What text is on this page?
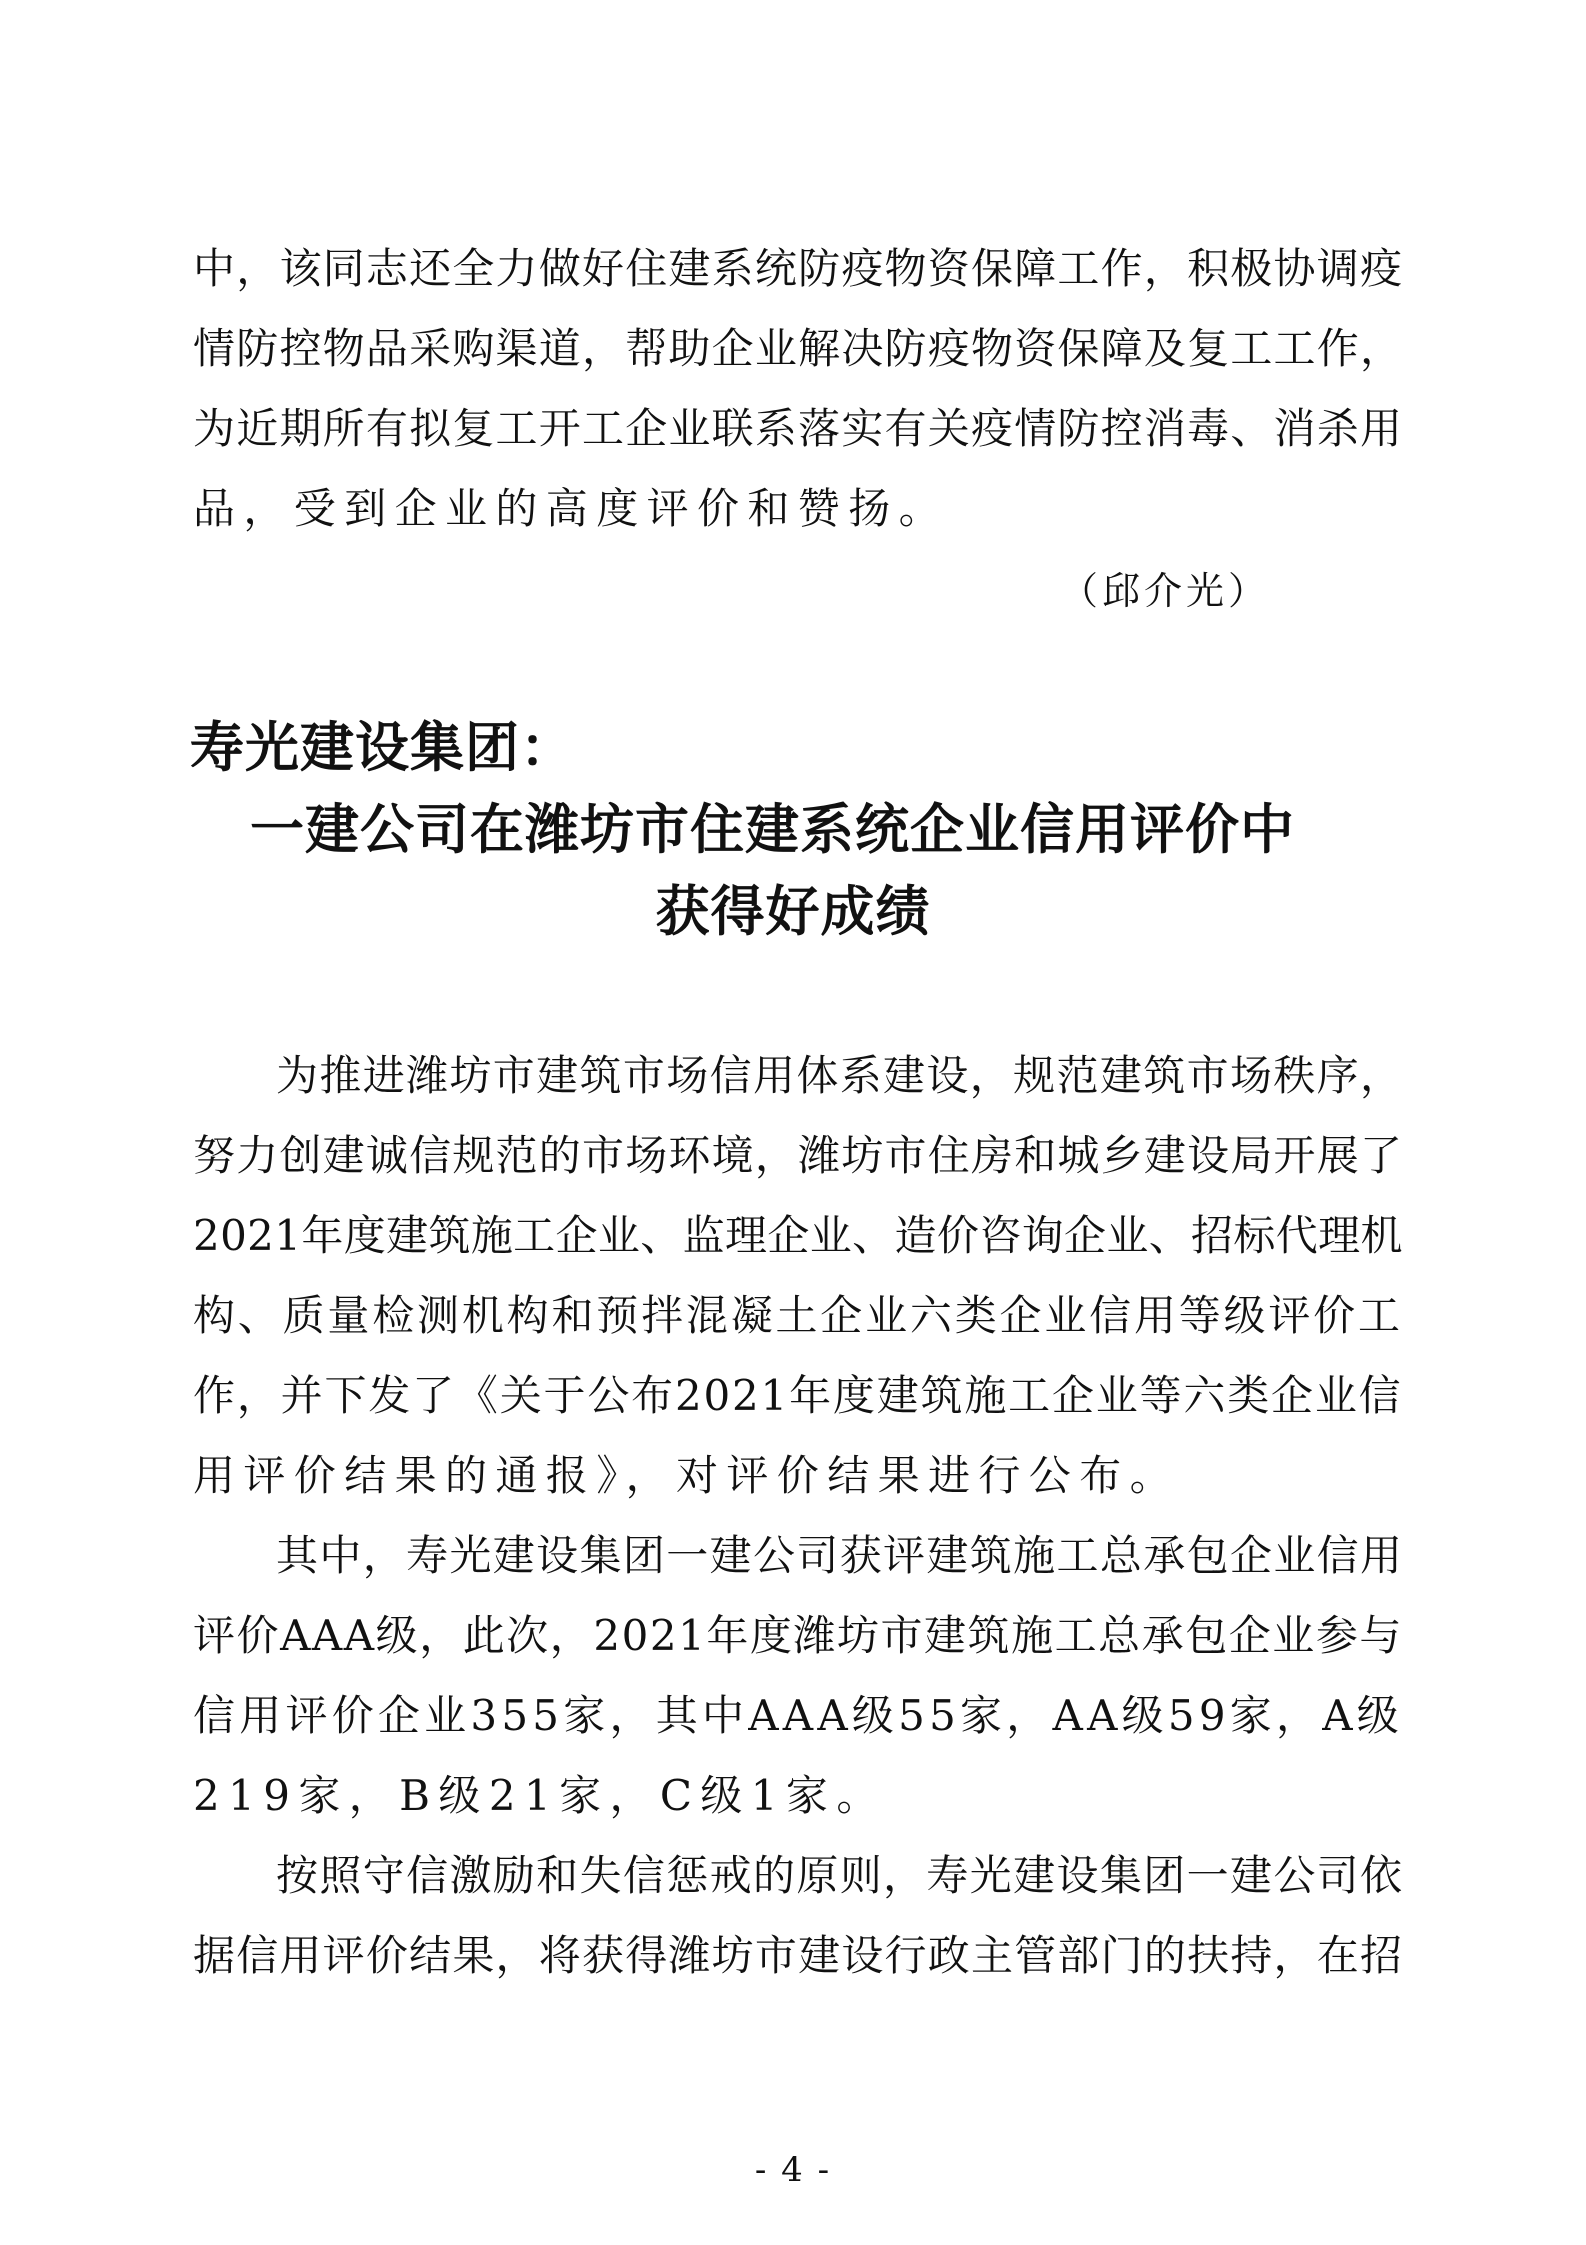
中，该同志还全力做好住建系统防疫物资保障工作，积极协调疫
情防控物品采购渠道，帮助企业解决防疫物资保障及复工工作，
为近期所有拟复工开工企业联系落实有关疫情防控消毒、消杀用
品，受到企业的高度评价和赞扬。
（邱介光）
寿光建设集团：
一建公司在潍坊市住建系统企业信用评价中
获得好成绩
为推进潍坊市建筑市场信用体系建设，规范建筑市场秩序，
努力创建诚信规范的市场环境，潍坊市住房和城乡建设局开展了
2021年度建筑施工企业、监理企业、造价咨询企业、招标代理机
构、质量检测机构和预拌混凝土企业六类企业信用等级评价工
作，并下发了《关于公布2021年度建筑施工企业等六类企业信
用评价结果的通报》，对评价结果进行公布。
其中，寿光建设集团一建公司获评建筑施工总承包企业信用
评价AAA级，此次，2021年度潍坊市建筑施工总承包企业参与
信用评价企业355家，其中AAA级55家，AA级59家，A级
219家，B级21家，C级1家。
按照守信激励和失信惩戒的原则，寿光建设集团一建公司依
据信用评价结果，将获得潍坊市建设行政主管部门的扶持，在招
- 4 -
